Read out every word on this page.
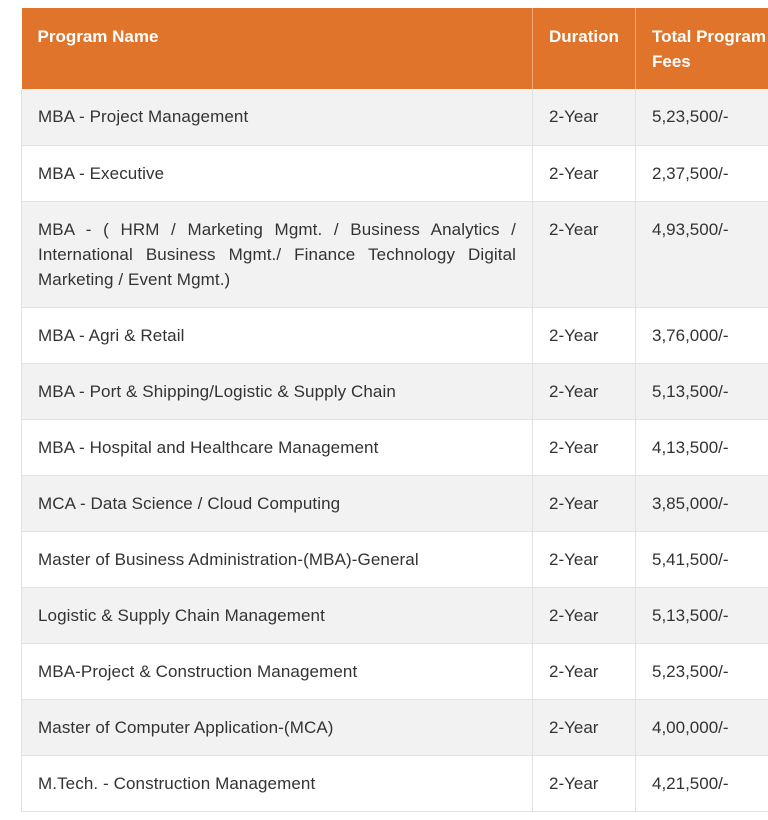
Program Name	Duration	Total Program Fees

MBA - Project Management	2-Year	5,23,500/-
MBA - Executive	2-Year	2,37,500/-
MBA - ( HRM / Marketing Mgmt. / Business Analytics / International Business Mgmt./ Finance Technology Digital Marketing / Event Mgmt.)	2-Year	4,93,500/-
MBA - Agri & Retail	2-Year	3,76,000/-
MBA - Port & Shipping/Logistic & Supply Chain	2-Year	5,13,500/-
MBA - Hospital and Healthcare Management	2-Year	4,13,500/-
MCA - Data Science / Cloud Computing	2-Year	3,85,000/-
Master of Business Administration-(MBA)-General	2-Year	5,41,500/-
Logistic & Supply Chain Management	2-Year	5,13,500/-
MBA-Project & Construction Management	2-Year	5,23,500/-
Master of Computer Application-(MCA)	2-Year	4,00,000/-
M.Tech. - Construction Management	2-Year	4,21,500/-
